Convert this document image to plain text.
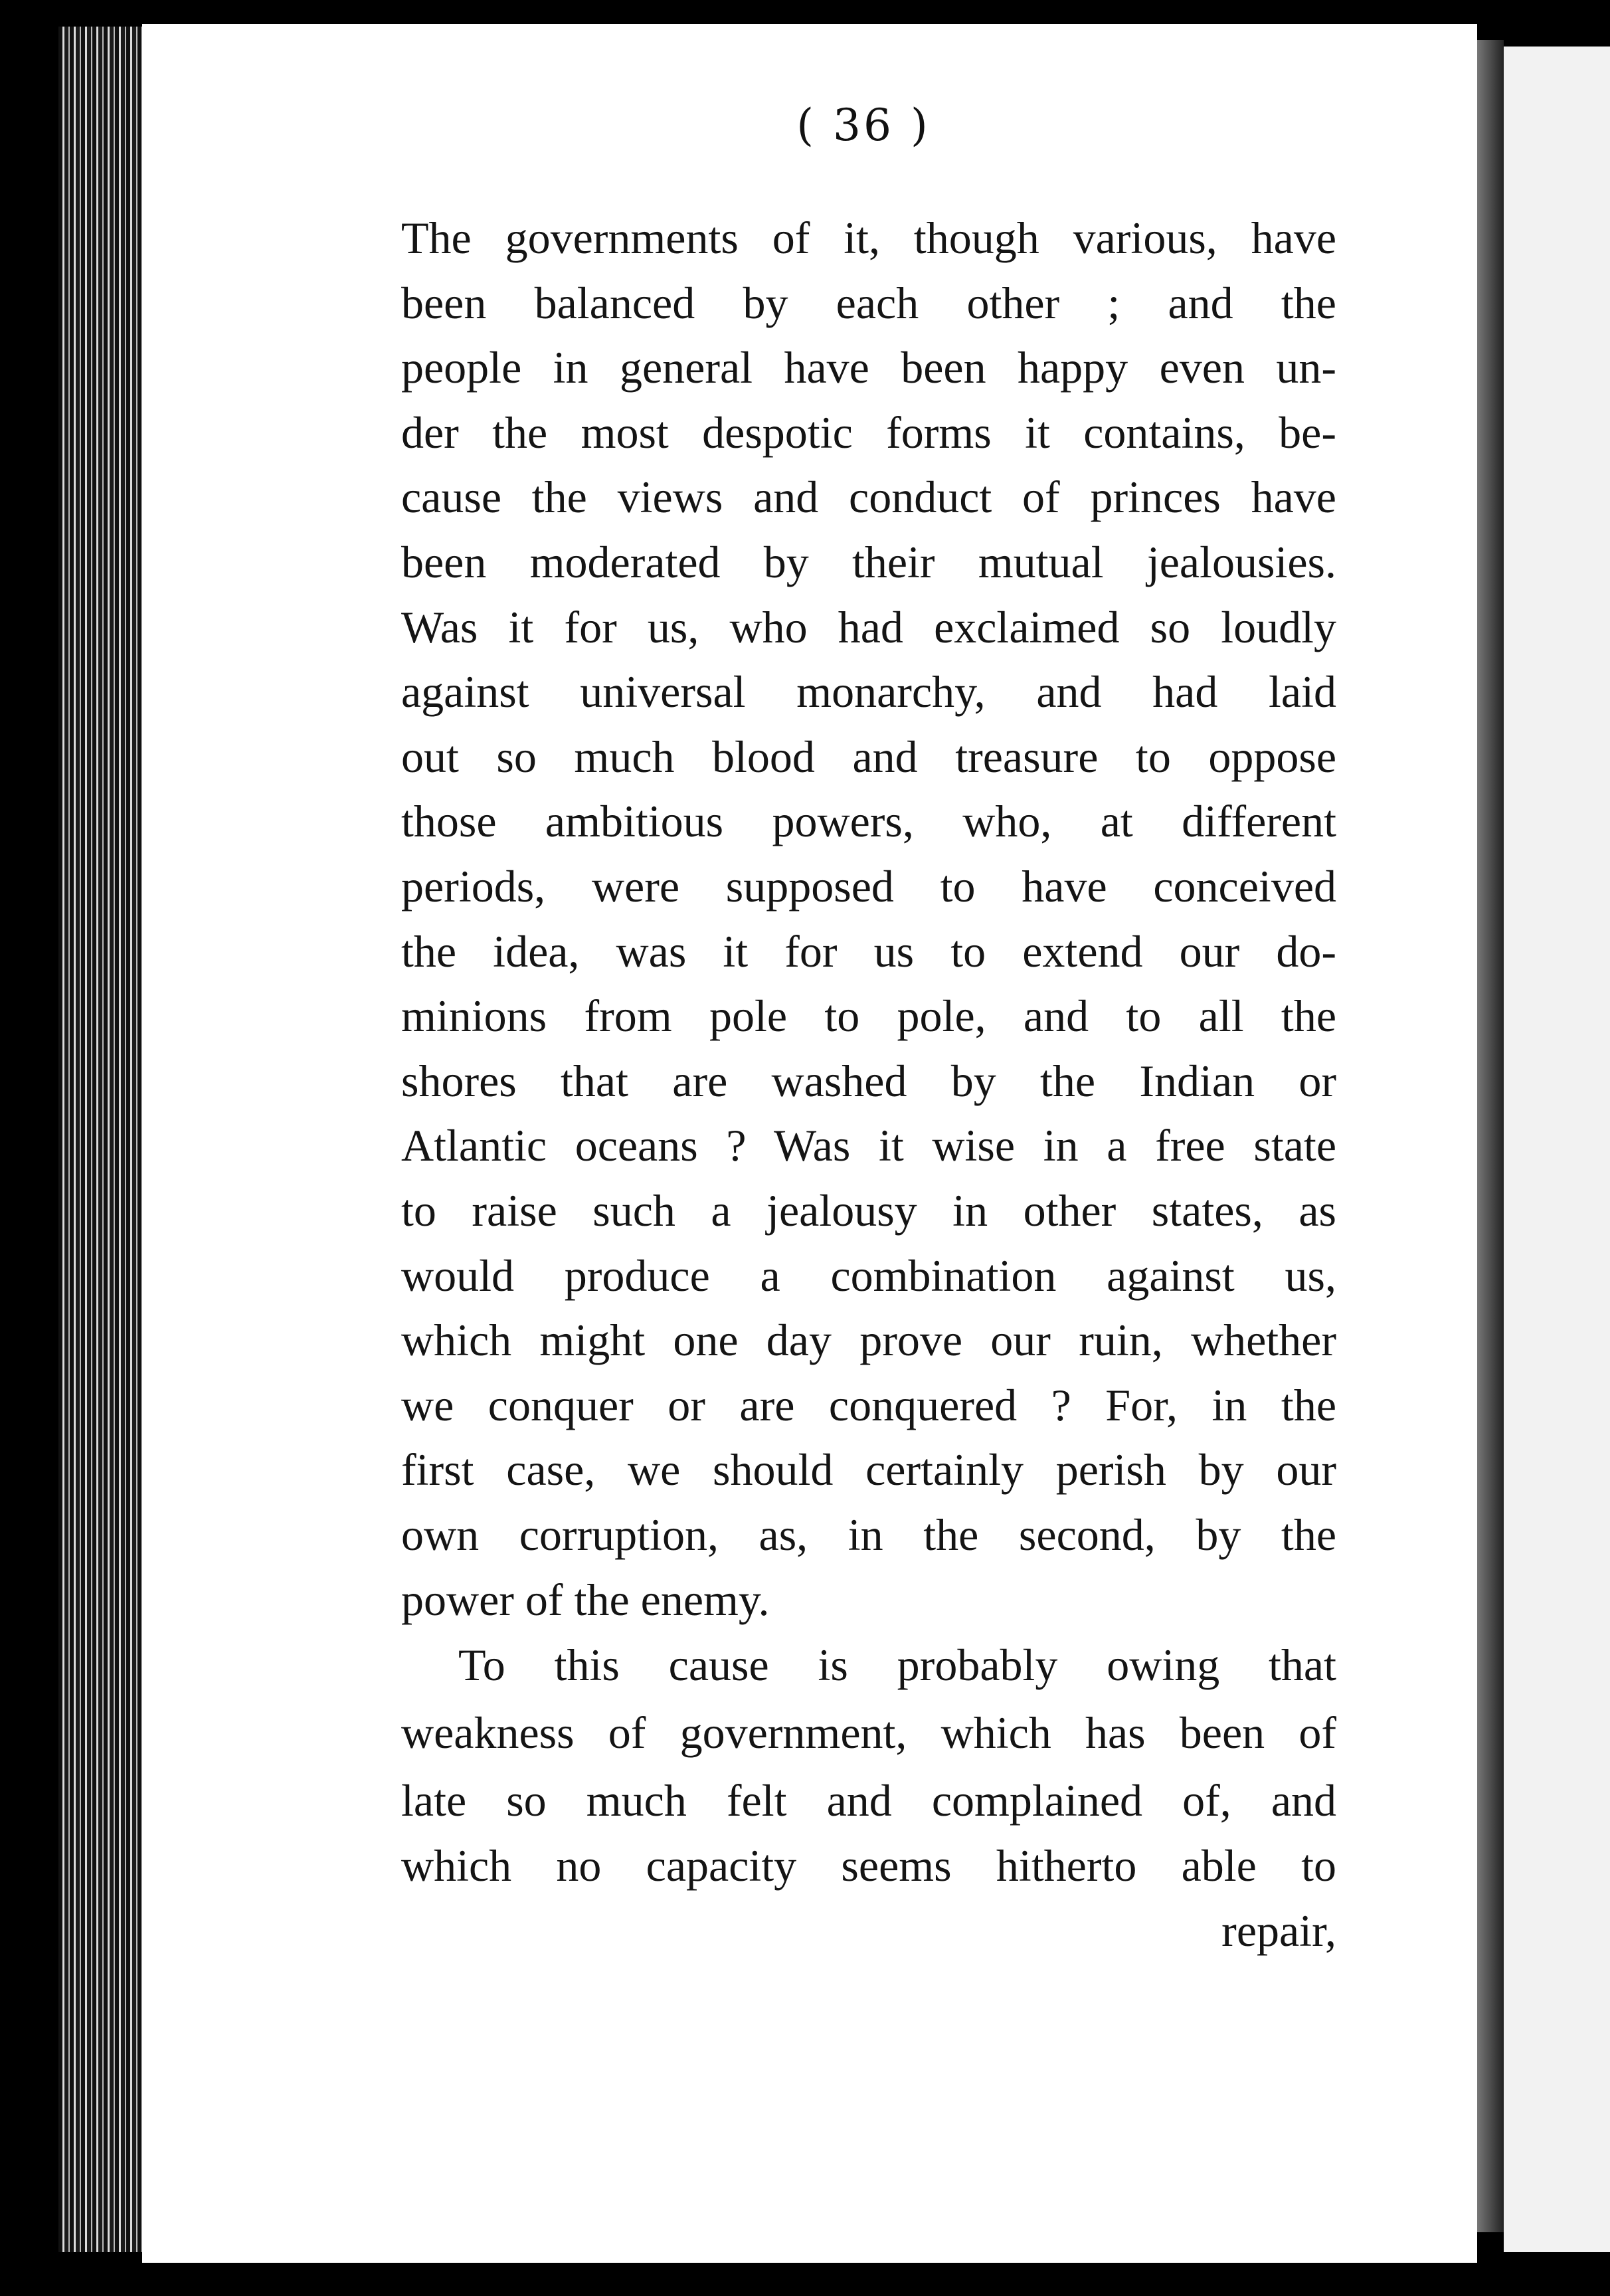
( 36 )
The governments of it, though various, have
been balanced by each other ; and the
people in general have been happy even un-
der the most despotic forms it contains, be-
cause the views and conduct of princes have
been moderated by their mutual jealousies.
Was it for us, who had exclaimed so loudly
against universal monarchy, and had laid
out so much blood and treasure to oppose
those ambitious powers, who, at different
periods, were supposed to have conceived
the idea, was it for us to extend our do-
minions from pole to pole, and to all the
shores that are washed by the Indian or
Atlantic oceans ? Was it wise in a free state
to raise such a jealousy in other states, as
would produce a combination against us,
which might one day prove our ruin, whether
we conquer or are conquered ? For, in the
first case, we should certainly perish by our
own corruption, as, in the second, by the
power of the enemy.
To this cause is probably owing that
weakness of government, which has been of
late so much felt and complained of, and
which no capacity seems hitherto able to
repair,
